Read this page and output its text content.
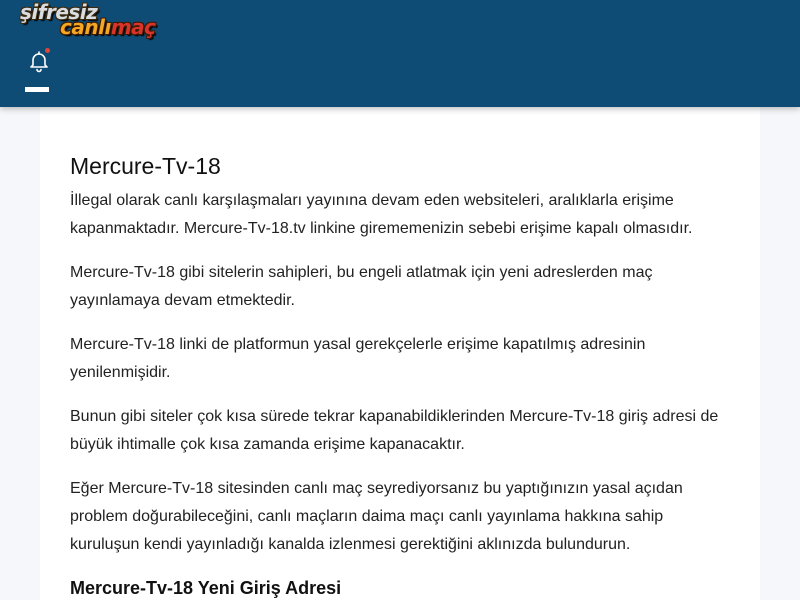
şifresiz
canlımaç
Mercure-Tv-18

İllegal olarak canlı karşılaşmaları yayınına devam eden websiteleri, aralıklarla erişime kapanmaktadır. Mercure-Tv-18.tv linkine girememenizin sebebi erişime kapalı olmasıdır.

Mercure-Tv-18 gibi sitelerin sahipleri, bu engeli atlatmak için yeni adreslerden maç yayınlamaya devam etmektedir.

Mercure-Tv-18 linki de platformun yasal gerekçelerle erişime kapatılmış adresinin yenilenmişidir.

Bunun gibi siteler çok kısa sürede tekrar kapanabildiklerinden Mercure-Tv-18 giriş adresi de büyük ihtimalle çok kısa zamanda erişime kapanacaktır.

Eğer Mercure-Tv-18 sitesinden canlı maç seyrediyorsanız bu yaptığınızın yasal açıdan problem doğurabileceğini, canlı maçların daima maçı canlı yayınlama hakkına sahip kuruluşun kendi yayınladığı kanalda izlenmesi gerektiğini aklınızda bulundurun.

Mercure-Tv-18 Yeni Giriş Adresi
